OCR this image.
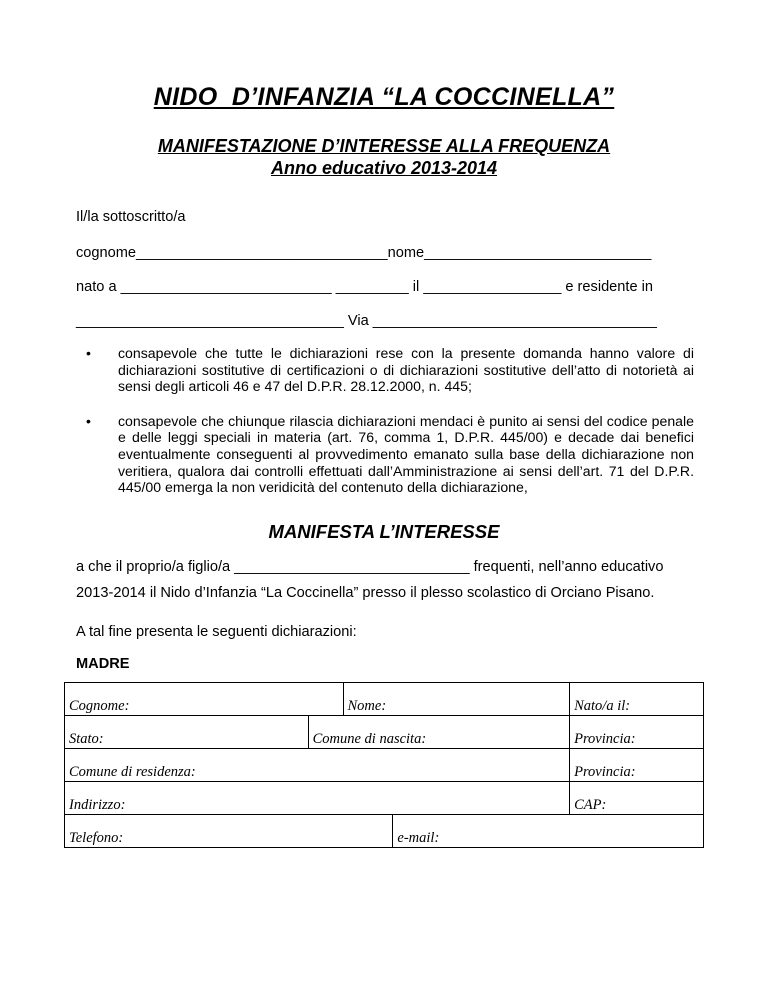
NIDO  D’INFANZIA “LA COCCINELLA”
MANIFESTAZIONE D’INTERESSE ALLA FREQUENZA
Anno educativo 2013-2014
Il/la sottoscritto/a
cognome_______________________________nome____________________________
nato a __________________________ _________ il _________________ e residente in
_________________________________ Via ___________________________________
• consapevole che tutte le dichiarazioni rese con la presente domanda hanno valore di dichiarazioni sostitutive di certificazioni o di dichiarazioni sostitutive dell’atto di notorietà ai sensi degli articoli 46 e 47 del D.P.R. 28.12.2000, n. 445;
• consapevole che chiunque rilascia dichiarazioni mendaci è punito ai sensi del codice penale e delle leggi speciali in materia (art. 76, comma 1, D.P.R. 445/00) e decade dai benefici eventualmente conseguenti al provvedimento emanato sulla base della dichiarazione non veritiera, qualora dai controlli effettuati dall’Amministrazione ai sensi dell’art. 71 del D.P.R. 445/00 emerga la non veridicità del contenuto della dichiarazione,
MANIFESTA L’INTERESSE
a che il proprio/a figlio/a _____________________________ frequenti, nell’anno educativo
2013-2014 il Nido d’Infanzia “La Coccinella” presso il plesso scolastico di Orciano Pisano.
A tal fine presenta le seguenti dichiarazioni:
MADRE
Cognome:		Nome:		Nato/a il:
Stato:	Comune di nascita:			Provincia:
Comune di residenza:				Provincia:
Indirizzo:				CAP:
Telefono:			e-mail:	
